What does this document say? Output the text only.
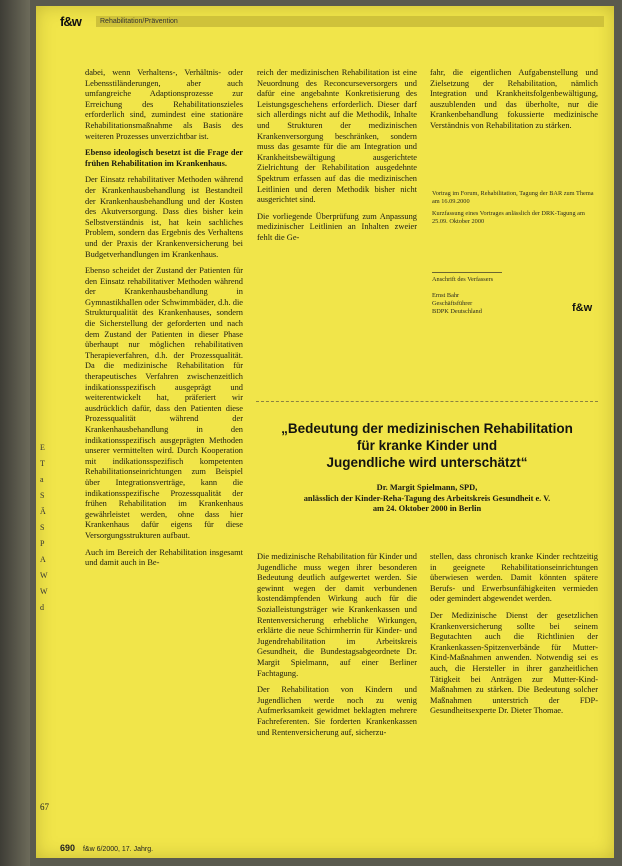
f&w	Rehabilitation/Prävention

dabei, wenn Verhaltens-, Verhältnis- oder Lebensstiländerungen, aber auch umfangreiche Adaptionsprozesse zur Erreichung des Rehabilitationszieles erforderlich sind, zumindest eine stationäre Rehabilitationsmaßnahme als Basis des weiteren Prozesses unverzichtbar ist.

Ebenso ideologisch besetzt ist die Frage der frühen Rehabilitation im Krankenhaus.

Der Einsatz rehabilitativer Methoden während der Krankenhausbehandlung ist Bestandteil der Krankenhausbehandlung und der Kosten des Akutversorgung. Dass dies bisher kein Selbstverständnis ist, hat kein sachliches Problem, sondern das Ergebnis des Verhaltens und der Praxis der Krankenversicherung bei Budgetverhandlungen im Krankenhaus.

Ebenso scheidet der Zustand der Patienten für den Einsatz rehabilitativer Methoden während der Krankenhausbehandlung in Gymnastikhallen oder Schwimmbäder, d.h. die Strukturqualität des Krankenhauses, sondern die Sicherstellung der geforderten und nach dem Zustand der Patienten in dieser Phase überhaupt nur möglichen rehabilitativen Therapieverfahren, d.h. der Prozessqualität. Da die medizinische Rehabilitation für therapeutisches Verfahren zwischenzeitlich indikationsspezifisch ausgeprägt und weiterentwickelt hat, präferiert wir ausdrücklich dafür, dass den Patienten diese Prozessqualität während der Krankenhausbehandlung in den indikationsspezifisch ausgeprägten Methoden unserer vermittelten wird. Durch Kooperation mit indikationsspezifisch kompetenten Rehabilitationseinrichtungen zum Beispiel über Integrationsverträge, kann die indikationsspezifische Prozessqualität der frühen Rehabilitation im Krankenhaus gewährleistet werden, ohne dass hier Krankenhaus dafür eigens für diese Versorgungsstrukturen aufbaut.

Auch im Bereich der Rehabilitation insgesamt und damit auch in Be-

reich der medizinischen Rehabilitation ist eine Neuordnung des Reconcurseversorgers und dafür eine angebahnte Konkretisierung des Leistungsgeschehens erforderlich. Dieser darf sich allerdings nicht auf die Methodik, Inhalte und Strukturen der medizinischen Krankenversorgung beschränken, sondern muss das gesamte für die am Integration und Krankheitsbewältigung ausgerichtete Zielrichtung der Rehabilitation ausgedehnte Spektrum erfassen auf das die medizinischen Leitlinien und deren Methodik bisher nicht ausgerichtet sind.

Die vorliegende Überprüfung zum Anpassung medizinischer Leitlinien an Inhalten zweier fehlt die Ge-

fahr, die eigentlichen Aufgabenstellung und Zielsetzung der Rehabilitation, nämlich Integration und Krankheitsfolgenbewältigung, auszublenden und das überholte, nur die Krankenbehandlung fokussierte medizinische Verständnis von Rehabilitation zu stärken.

Vortrag im Forum, Rehabilitation, Tagung der BAR zum Thema am 16.09.2000

Kurzfassung eines Vortrages anlässlich der DRK-Tagung am 25.09. Oktober 2000

Anschrift des Verfassers
Ernst Bahr
Geschäftsführer
BDPK Deutschland	f&w
„Bedeutung der medizinischen Rehabilitation
für kranke Kinder und
Jugendliche wird unterschätzt“
Dr. Margit Spielmann, SPD,
anlässlich der Kinder-Reha-Tagung des Arbeitskreis Gesundheit e. V.
am 24. Oktober 2000 in Berlin

Die medizinische Rehabilitation für Kinder und Jugendliche muss wegen ihrer besonderen Bedeutung deutlich aufgewertet werden. Sie gewinnt wegen der damit verbundenen kostendämpfenden Wirkung auch für die Sozialleistungsträger wie Krankenkassen und Rentenversicherung erhebliche Wirkungen, erklärte die neue Schirmherrin für Kinder- und Jugendrehabilitation im Arbeitskreis Gesundheit, die Bundestagsabgeordnete Dr. Margit Spielmann, auf einer Berliner Fachtagung.

Der Rehabilitation von Kindern und Jugendlichen werde noch zu wenig Aufmerksamkeit gewidmet beklagten mehrere Fachreferenten. Sie forderten Krankenkassen und Rentenversicherung auf, sicherzu-

stellen, dass chronisch kranke Kinder rechtzeitig in geeignete Rehabilitationseinrichtungen überwiesen werden. Damit könnten spätere Berufs- und Erwerbsunfähigkeiten vermieden oder gemindert abgewendet werden.

Der Medizinische Dienst der gesetzlichen Krankenversicherung sollte bei seinem Begutachten auch die Richtlinien der Krankenkassen-Spitzenverbände für Mutter-Kind-Maßnahmen anwenden. Notwendig sei es auch, die Hersteller in ihrer ganzheitlichen Tätigkeit bei Anträgen zur Mutter-Kind-Maßnahmen zu stärken. Die Bedeutung solcher Maßnahmen unterstrich der FDP-Gesundheitsexperte Dr. Dieter Thomae.

E
T
a
S
Ä
S
P
A
W
W
d
67
690 f&w 6/2000, 17. Jahrg.
